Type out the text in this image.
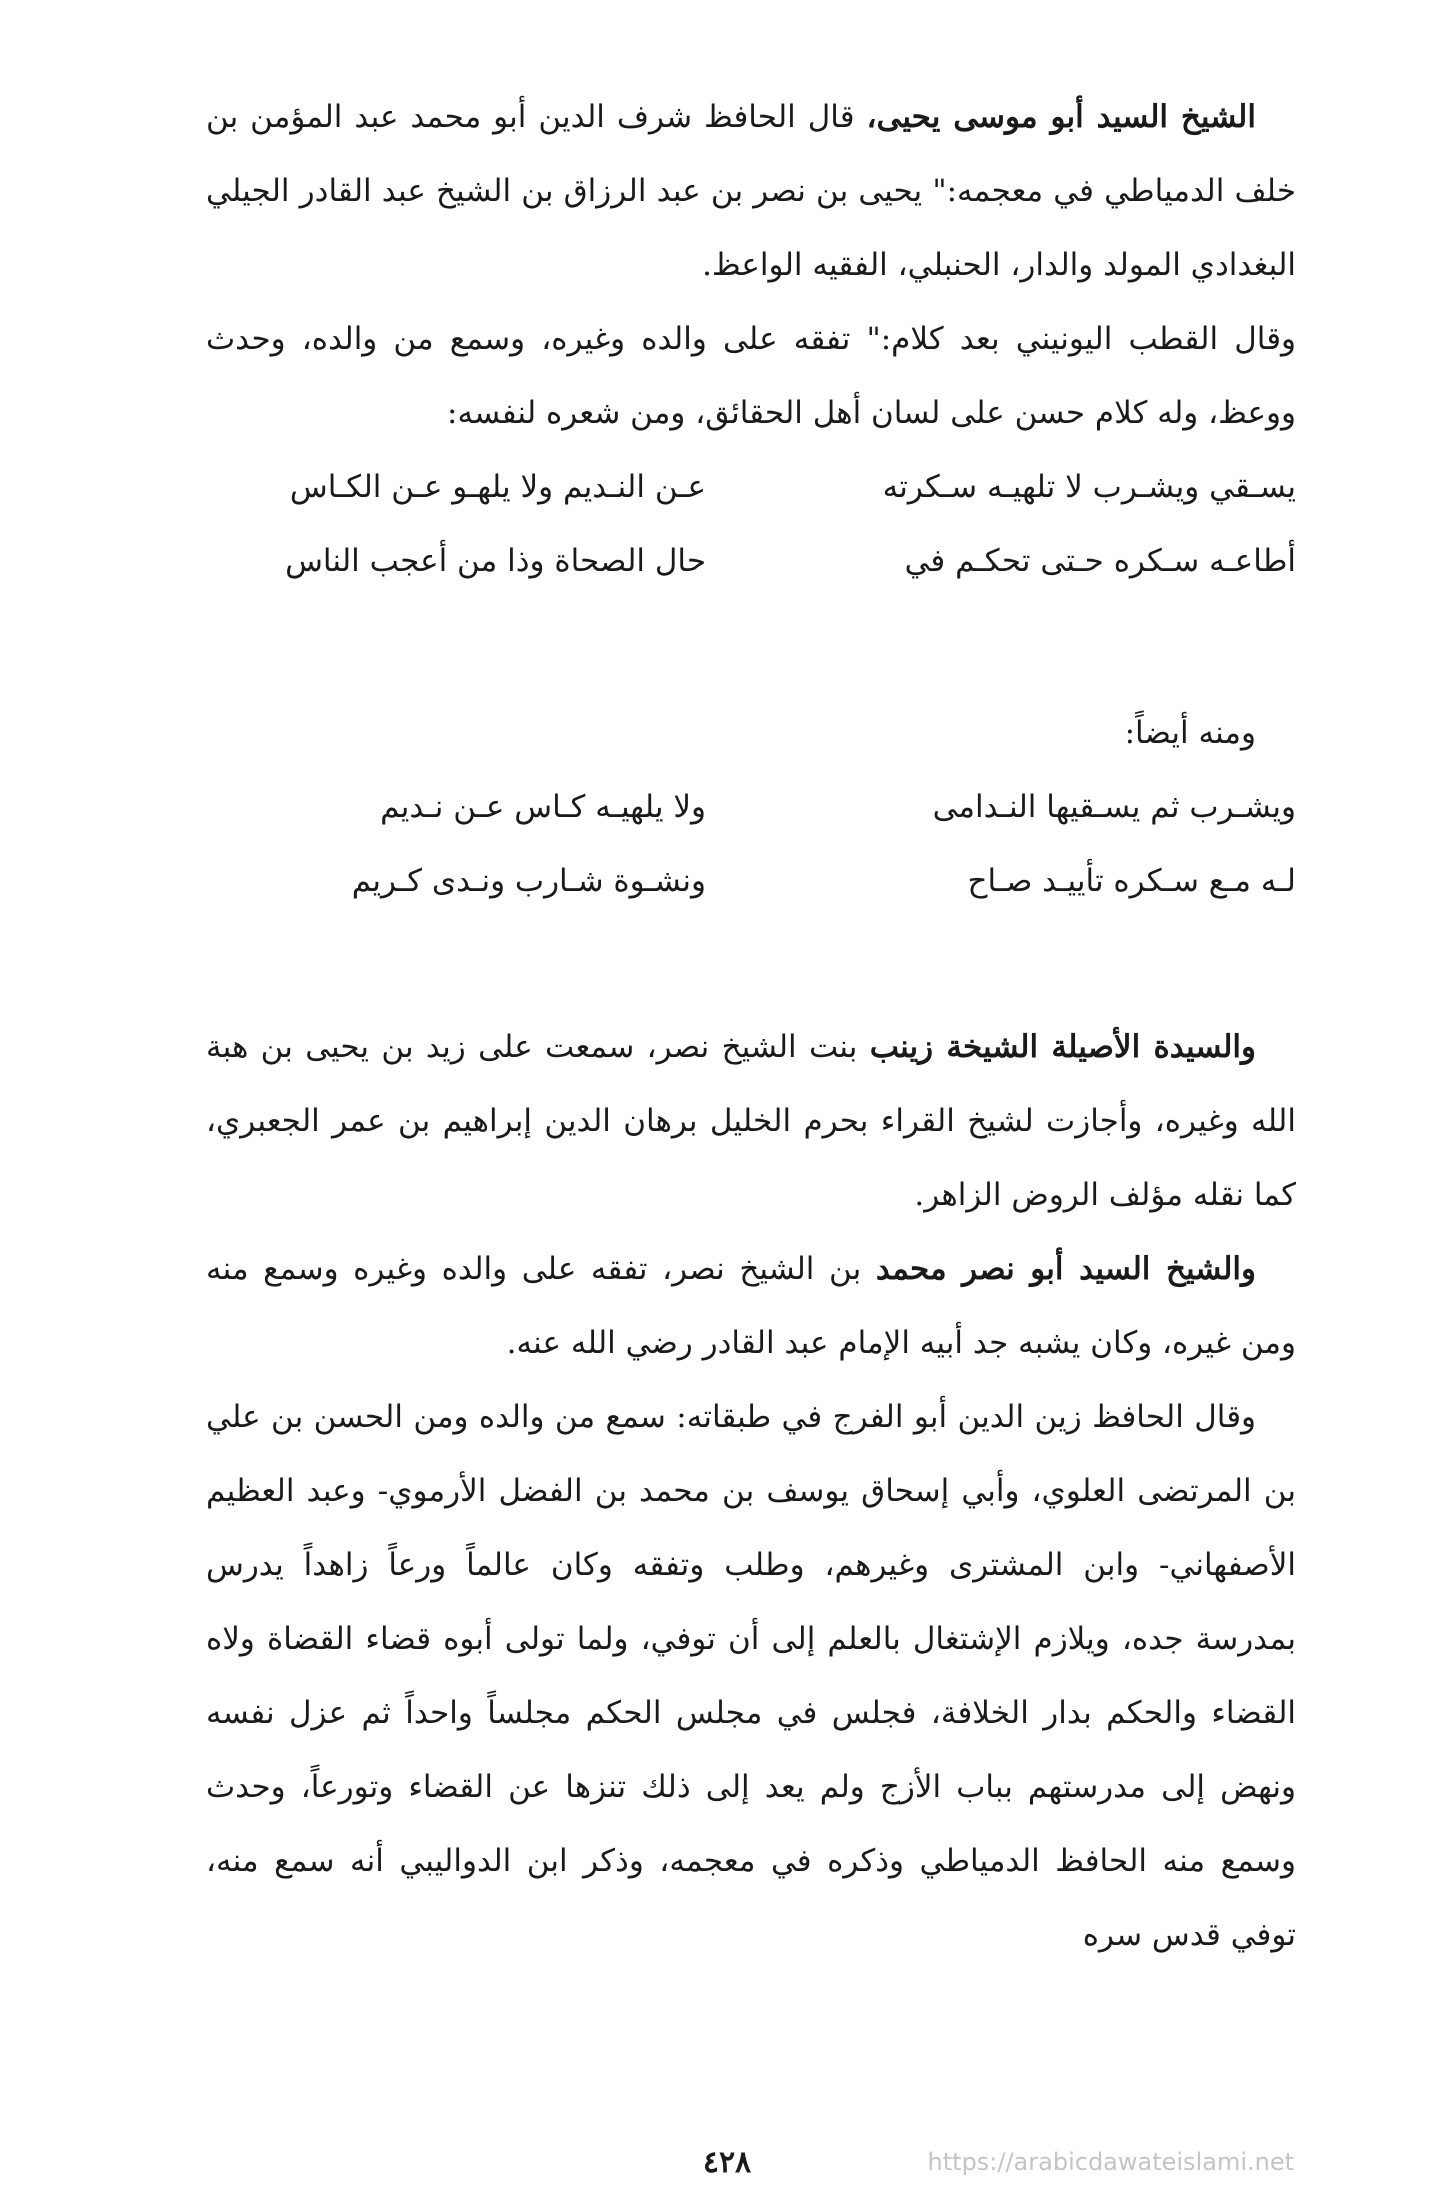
الشيخ السيد أبو موسى يحيى، قال الحافظ شرف الدين أبو محمد عبد المؤمن بن خلف الدمياطي في معجمه:" يحيى بن نصر بن عبد الرزاق بن الشيخ عبد القادر الجيلي البغدادي المولد والدار، الحنبلي، الفقيه الواعظ.

وقال القطب اليونيني بعد كلام:" تفقه على والده وغيره، وسمع من والده، وحدث ووعظ، وله كلام حسن على لسان أهل الحقائق، ومن شعره لنفسه:

يسـقي ويشـرب لا تلهيـه سـكرته
عـن النـديم ولا يلهـو عـن الكـاس
أطاعـه سـكره حـتى تحكـم في
حال الصحاة وذا من أعجب الناس
ومنه أيضاً:
ويشـرب ثم يسـقيها النـدامى
ولا يلهيـه كـاس عـن نـديم
لـه مـع سـكره تأييـد صـاح
ونشـوة شـارب ونـدى كـريم

والسيدة الأصيلة الشيخة زينب بنت الشيخ نصر، سمعت على زيد بن يحيى بن هبة الله وغيره، وأجازت لشيخ القراء بحرم الخليل برهان الدين إبراهيم بن عمر الجعبري، كما نقله مؤلف الروض الزاهر.

والشيخ السيد أبو نصر محمد بن الشيخ نصر، تفقه على والده وغيره وسمع منه ومن غيره، وكان يشبه جد أبيه الإمام عبد القادر رضي الله عنه.

وقال الحافظ زين الدين أبو الفرج في طبقاته: سمع من والده ومن الحسن بن علي بن المرتضى العلوي، وأبي إسحاق يوسف بن محمد بن الفضل الأرموي- وعبد العظيم الأصفهاني- وابن المشترى وغيرهم، وطلب وتفقه وكان عالماً ورعاً زاهداً يدرس بمدرسة جده، ويلازم الإشتغال بالعلم إلى أن توفي، ولما تولى أبوه قضاء القضاة ولاه القضاء والحكم بدار الخلافة، فجلس في مجلس الحكم مجلساً واحداً ثم عزل نفسه ونهض إلى مدرستهم بباب الأزج ولم يعد إلى ذلك تنزها عن القضاء وتورعاً، وحدث وسمع منه الحافظ الدمياطي وذكره في معجمه، وذكر ابن الدواليبي أنه سمع منه، توفي قدس سره

٤٢٨	https://arabicdawateislami.net
